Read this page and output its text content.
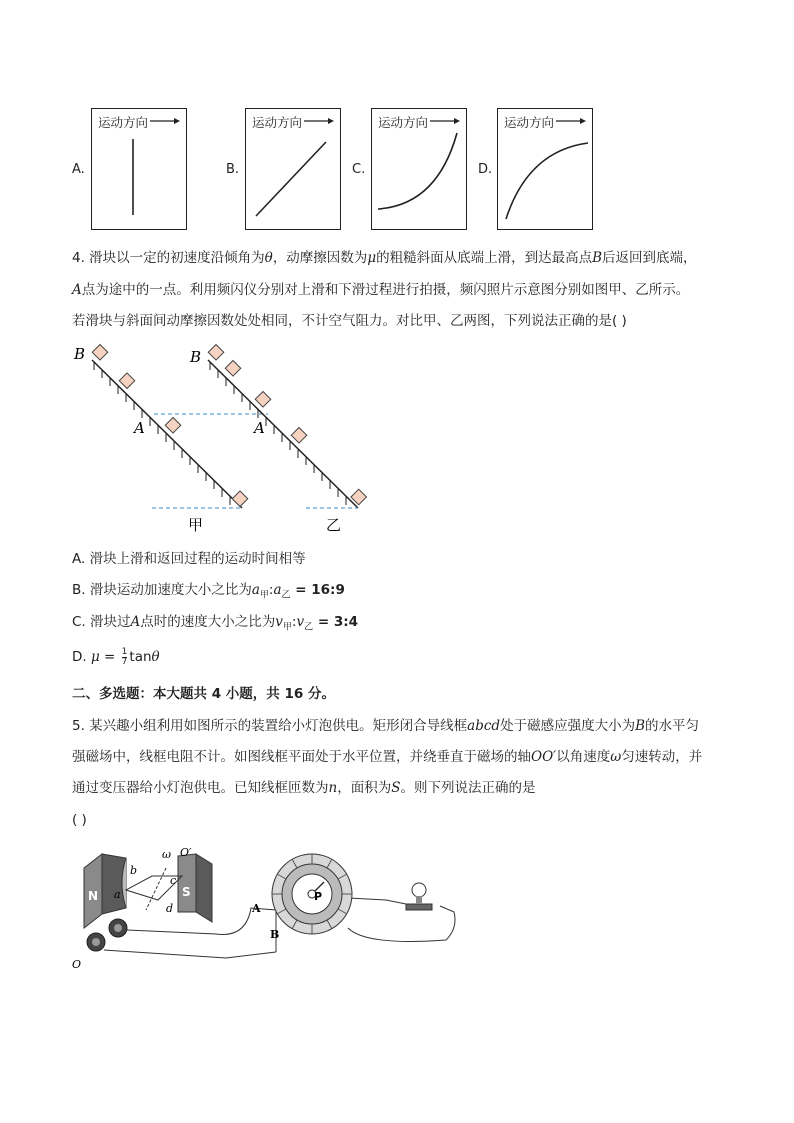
A.
运动方向
B.
运动方向
C.
运动方向
D.
运动方向
4. 滑块以一定的初速度沿倾角为θ，动摩擦因数为μ的粗糙斜面从底端上滑，到达最高点B后返回到底端，
A点为途中的一点。利用频闪仪分别对上滑和下滑过程进行拍摄，频闪照片示意图分别如图甲、乙所示。
若滑块与斜面间动摩擦因数处处相同，不计空气阻力。对比甲、乙两图，下列说法正确的是( )
B
A
甲
B
A
乙
A. 滑块上滑和返回过程的运动时间相等
B. 滑块运动加速度大小之比为$a_甲:a_乙$ = 16:9
C. 滑块过A点时的速度大小之比为$v_甲:v_乙$ = 3:4
D. $\mu = \frac{1}{7}$ tanθ
二、多选题：本大题共 4 小题，共 16 分。
5. 某兴趣小组利用如图所示的装置给小灯泡供电。矩形闭合导线框abcd处于磁感应强度大小为B的水平匀
强磁场中，线框电阻不计。如图线框平面处于水平位置，并绕垂直于磁场的轴OO′以角速度ω匀速转动，并
通过变压器给小灯泡供电。已知线框匝数为n，面积为S。则下列说法正确的是
( )
N	S
a
b
c
d
ω O′
O
A
B
P
